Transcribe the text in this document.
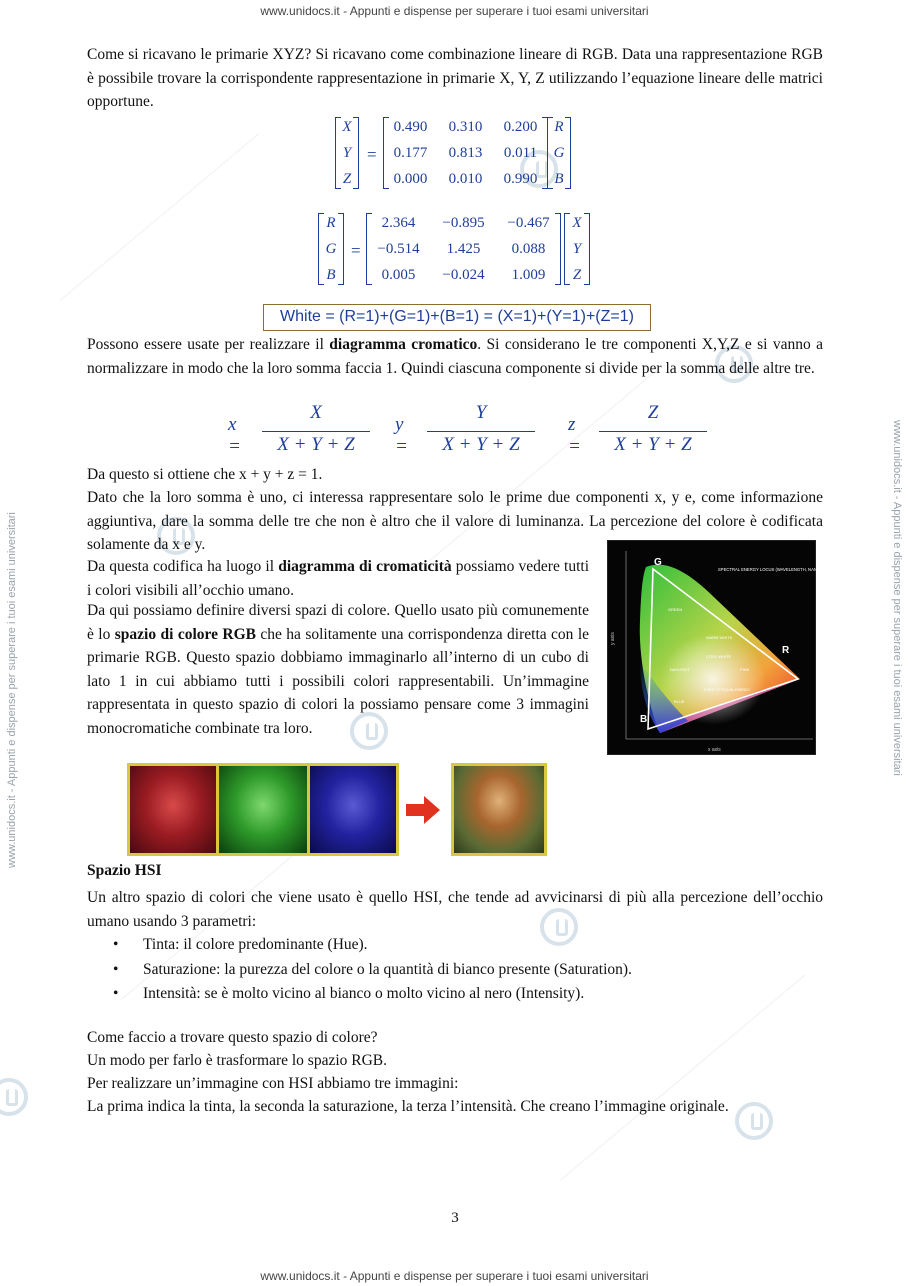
www.unidocs.it - Appunti e dispense per superare i tuoi esami universitari
www.unidocs.it - Appunti e dispense per superare i tuoi esami universitari
www.unidocs.it - Appunti e dispense per superare i tuoi esami universitari	www.unidocs.it - Appunti e dispense per superare i tuoi esami universitari
Come si ricavano le primarie XYZ? Si ricavano come combinazione lineare di RGB. Data una rappresentazione RGB è possibile trovare la corrispondente rappresentazione in primarie X, Y, Z utilizzando l’equazione lineare delle matrici opportune.
X
Y
Z
=
0.490	0.310	0.200
0.177	0.813	0.011
0.000	0.010	0.990
R
G
B
R
G
B
=
2.364	−0.895	−0.467
−0.514	1.425	0.088
0.005	−0.024	1.009
X
Y
Z
White = (R=1)+(G=1)+(B=1) = (X=1)+(Y=1)+(Z=1)
Possono essere usate per realizzare il diagramma cromatico. Si considerano le tre componenti X,Y,Z e si vanno a normalizzare in modo che la loro somma faccia 1. Quindi ciascuna componente si divide per la somma delle altre tre.
x =
X
X + Y + Z
y =
Y
X + Y + Z
z =
Z
X + Y + Z
Da questo si ottiene che x + y + z = 1.
Dato che la loro somma è uno, ci interessa rappresentare solo le prime due componenti x, y e, come informazione aggiuntiva, dare la somma delle tre che non è altro che il valore di luminanza. La percezione del colore è codificata solamente da x e y.
Da questa codifica ha luogo il diagramma di cromaticità possiamo vedere tutti i colori visibili all’occhio umano.
Da qui possiamo definire diversi spazi di colore. Quello usato più comunemente è lo spazio di colore RGB che ha solitamente una corrispondenza diretta con le primarie RGB. Questo spazio dobbiamo immaginarlo all’interno di un cubo di lato 1 in cui abbiamo tutti i possibili colori rappresentabili. Un’immagine rappresentata in questo spazio di colori la possiamo pensare come 3 immagini monocromatiche combinate tra loro.
G
R
B
SPECTRAL ENERGY LOCUS (WAVELENGTH, NANOMETERS)
GREEN
WARM WHITE
COOL WHITE
DAYLIGHT	PINK
POINT OF EQUAL ENERGY
BLUE
x axis
y axis
Spazio HSI
Un altro spazio di colori che viene usato è quello HSI, che tende ad avvicinarsi di più alla percezione dell’occhio umano usando 3 parametri:
• Tinta: il colore predominante (Hue).
• Saturazione: la purezza del colore o la quantità di bianco presente (Saturation).
• Intensità: se è molto vicino al bianco o molto vicino al nero (Intensity).
Come faccio a trovare questo spazio di colore?
Un modo per farlo è trasformare lo spazio RGB.
Per realizzare un’immagine con HSI abbiamo tre immagini:
La prima indica la tinta, la seconda la saturazione, la terza l’intensità. Che creano l’immagine originale.
3
